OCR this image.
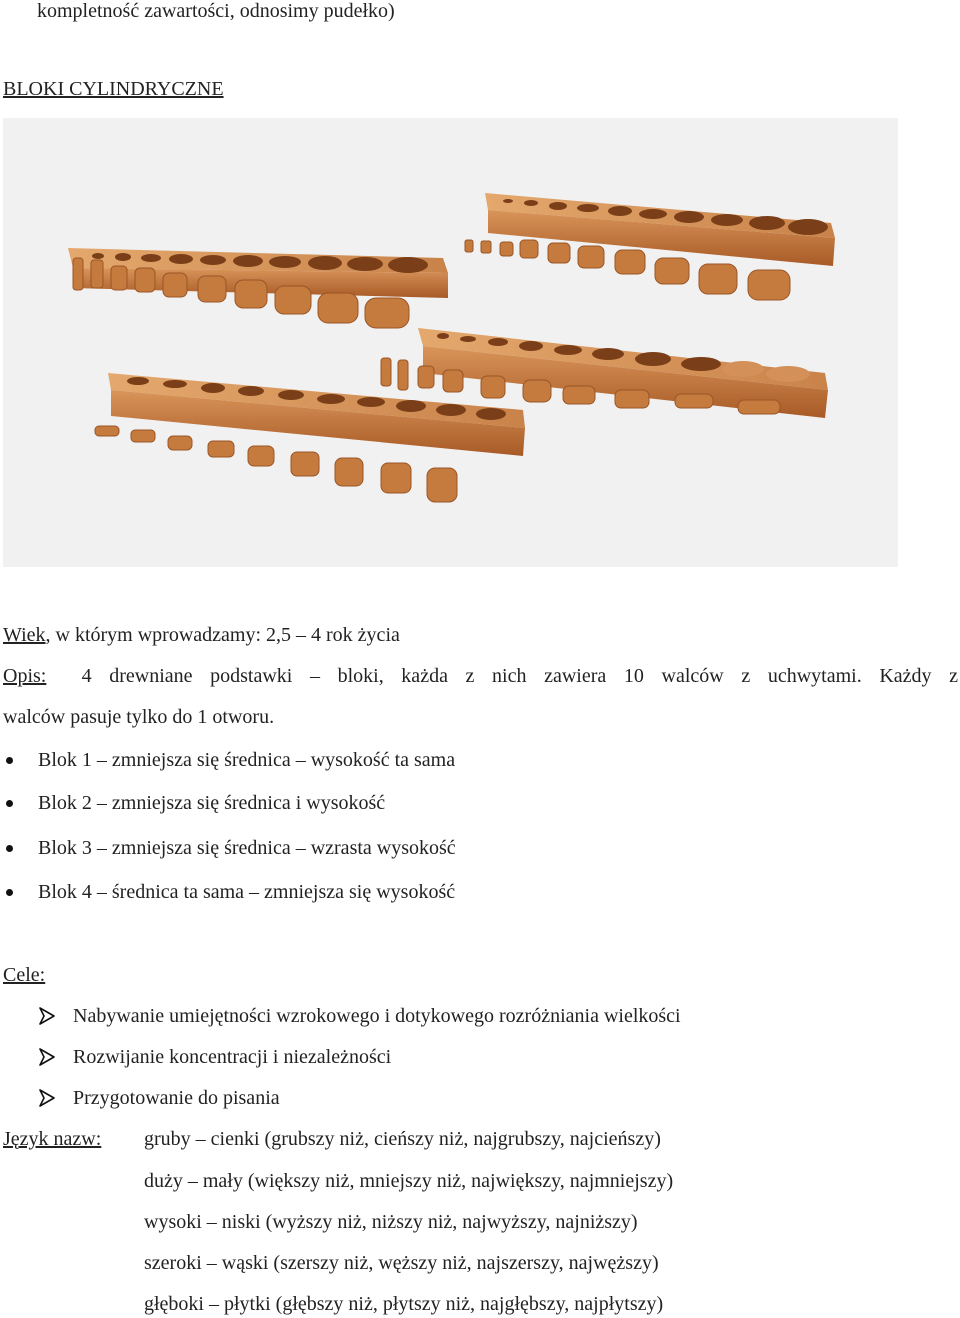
kompletność zawartości, odnosimy pudełko)
BLOKI CYLINDRYCZNE
Wiek, w którym wprowadzamy: 2,5 – 4 rok życia
Opis: 4 drewniane podstawki – bloki, każda z nich zawiera 10 walców z uchwytami. Każdy z
walców pasuje tylko do 1 otworu.
Blok 1 – zmniejsza się średnica – wysokość ta sama
Blok 2 – zmniejsza się średnica i wysokość
Blok 3 – zmniejsza się średnica – wzrasta wysokość
Blok 4 – średnica ta sama – zmniejsza się wysokość
Cele:
Nabywanie umiejętności wzrokowego i dotykowego rozróżniania wielkości
Rozwijanie koncentracji i niezależności
Przygotowanie do pisania
Język nazw: gruby – cienki (grubszy niż, cieńszy niż, najgrubszy, najcieńszy)
duży – mały (większy niż, mniejszy niż, największy, najmniejszy)
wysoki – niski (wyższy niż, niższy niż, najwyższy, najniższy)
szeroki – wąski (szerszy niż, węższy niż, najszerszy, najwęższy)
głęboki – płytki (głębszy niż, płytszy niż, najgłębszy, najpłytszy)
